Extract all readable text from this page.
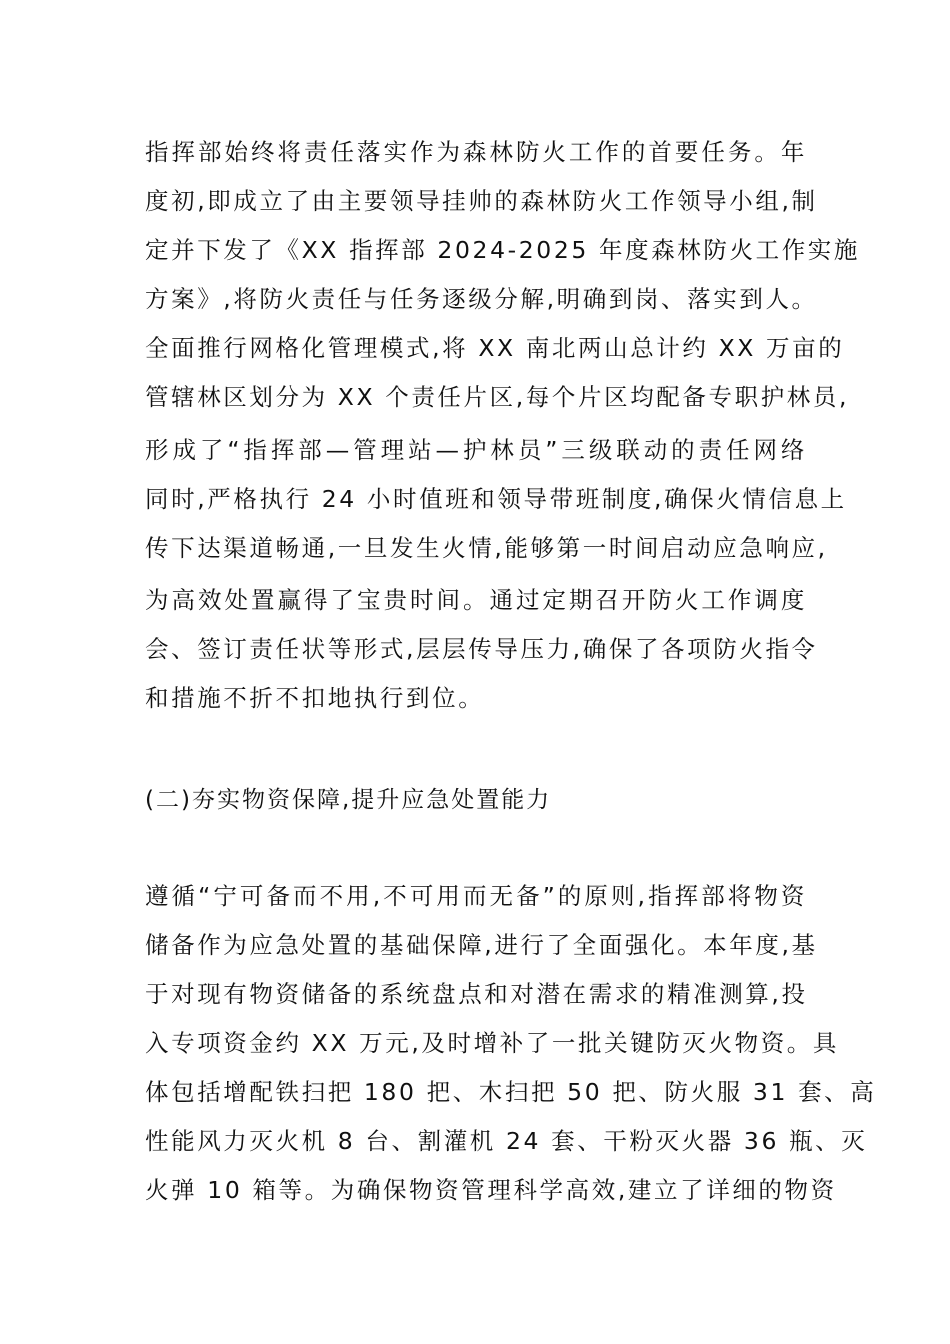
指挥部始终将责任落实作为森林防火工作的首要任务。年
度初,即成立了由主要领导挂帅的森林防火工作领导小组,制
定并下发了《XX 指挥部 2024-2025 年度森林防火工作实施
方案》,将防火责任与任务逐级分解,明确到岗、落实到人。
全面推行网格化管理模式,将 XX 南北两山总计约 XX 万亩的
管辖林区划分为 XX 个责任片区,每个片区均配备专职护林员,
形成了“指挥部—管理站—护林员”三级联动的责任网络
同时,严格执行 24 小时值班和领导带班制度,确保火情信息上
传下达渠道畅通,一旦发生火情,能够第一时间启动应急响应,
为高效处置赢得了宝贵时间。通过定期召开防火工作调度
会、签订责任状等形式,层层传导压力,确保了各项防火指令
和措施不折不扣地执行到位。
(二)夯实物资保障,提升应急处置能力
遵循“宁可备而不用,不可用而无备”的原则,指挥部将物资
储备作为应急处置的基础保障,进行了全面强化。本年度,基
于对现有物资储备的系统盘点和对潜在需求的精准测算,投
入专项资金约 XX 万元,及时增补了一批关键防灭火物资。具
体包括增配铁扫把 180 把、木扫把 50 把、防火服 31 套、高
性能风力灭火机 8 台、割灌机 24 套、干粉灭火器 36 瓶、灭
火弹 10 箱等。为确保物资管理科学高效,建立了详细的物资
